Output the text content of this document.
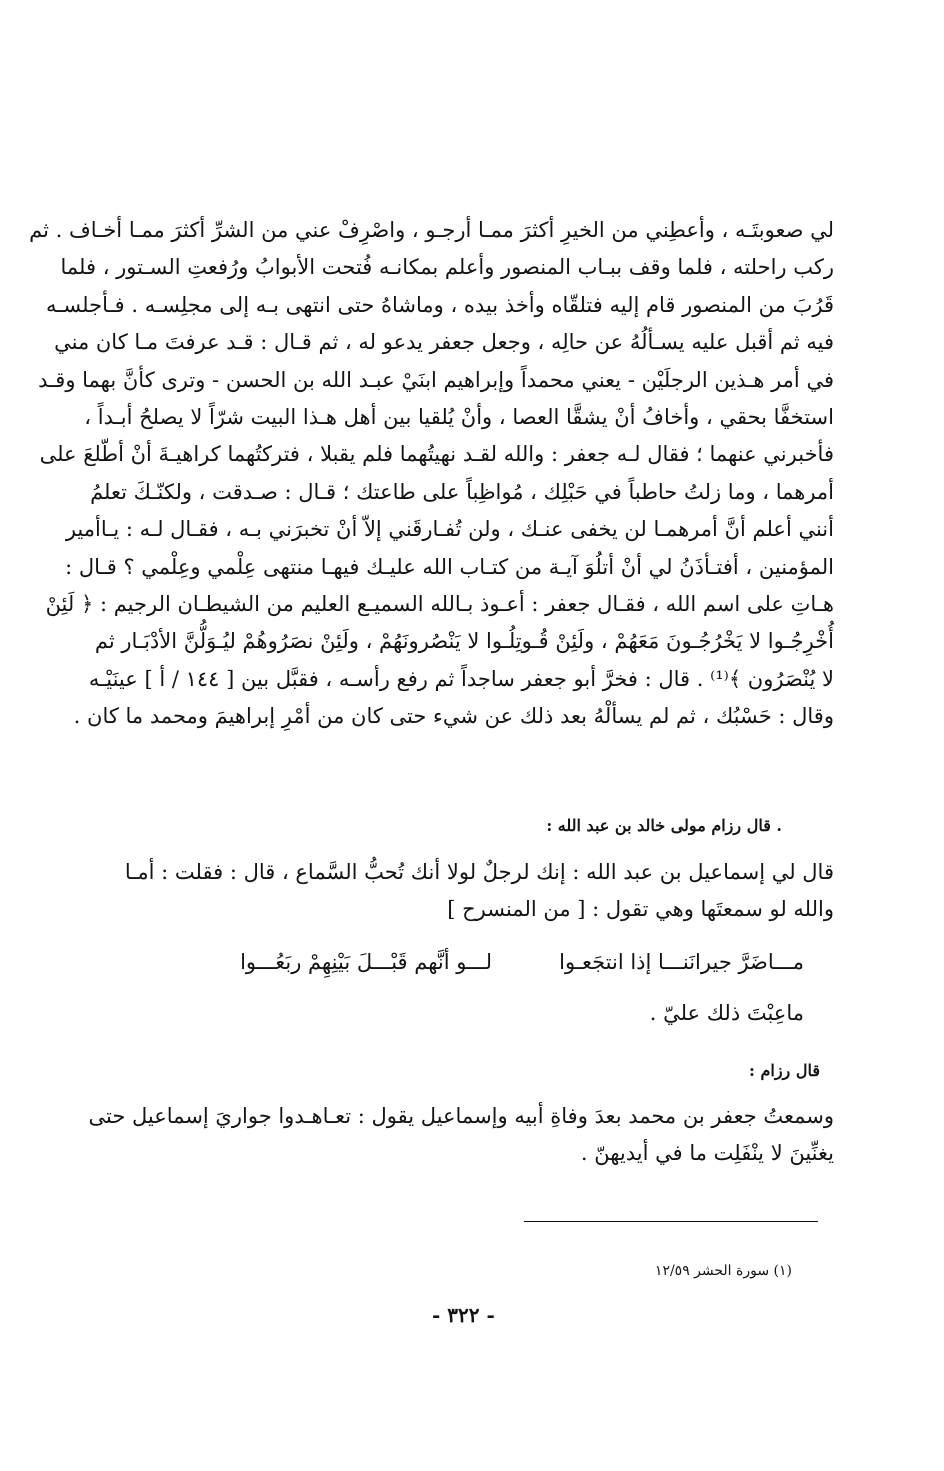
لي صعوبتَـه ، وأعطِني من الخيرِ أكثرَ ممـا أرجـو ، واصْرِفْ عني من الشرِّ أكثرَ ممـا أخـاف . ثم
ركب راحلته ، فلما وقف ببـاب المنصور وأعلم بمكانـه فُتحت الأبوابُ ورُفعتِ السـتور ، فلما
قَرُبَ من المنصور قام إليه فتلقّاه وأخذ بيده ، وماشاهُ حتى انتهى بـه إلى مجلِسـه . فـأجلسـه
فيه ثم أقبل عليه يسـألُهُ عن حالِه ، وجعل جعفر يدعو له ، ثم قـال : قـد عرفتَ مـا كان مني
في أمر هـذين الرجلَيْن - يعني محمداً وإبراهيم ابنَيْ عبـد الله بن الحسن - وترى كأنَّ بهما وقـد
استخفَّا بحقي ، وأخافُ أنْ يشقَّا العصا ، وأنْ يُلقيا بين أهل هـذا البيت شرّاً لا يصلحُ أبـداً ،
فأخبرني عنهما ؛ فقال لـه جعفر : والله لقـد نهيتُهما فلم يقبلا ، فتركتُهما كراهيـةَ أنْ أطّلعَ على
أمرهما ، وما زلتُ حاطباً في حَبْلِك ، مُواظِباً على طاعتك ؛ قـال : صـدقت ، ولكنّـكَ تعلمُ
أنني أعلم أنَّ أمرهمـا لن يخفى عنـك ، ولن تُفـارقَني إلاّ أنْ تخبرَني بـه ، فقـال لـه : يـاأمير
المؤمنين ، أفتـأذَنُ لي أنْ أتلُوَ آيـة من كتـاب الله عليـك فيهـا منتهى عِلْمي وعِلْمي ؟ قـال :
هـاتِ على اسم الله ، فقـال جعفر : أعـوذ بـالله السميـع العليم من الشيطـان الرجيم : ﴿ لَئِنْ
أُخْرِجُـوا لا يَخْرُجُـونَ مَعَهُمْ ، ولَئِنْ قُـوتِلُـوا لا يَنْصُرونَهُمْ ، ولَئِنْ نصَرُوهُمْ ليُـوَلُّنَّ الأدْبَـار ثم
لا يُنْصَرُون ﴾⁽¹⁾ . قال : فخرَّ أبو جعفر ساجداً ثم رفع رأسـه ، فقبَّل بين [ ١٤٤ / أ ] عينَيْـه
وقال : حَسْبُك ، ثم لم يسألْهُ بعد ذلك عن شيء حتى كان من أمْرِ إبراهيمَ ومحمد ما كان .
. قال رزام مولى خالد بن عبد الله :
قال لي إسماعيل بن عبد الله : إنك لرجلٌ لولا أنك تُحبُّ السَّماع ، قال : فقلت : أمـا
والله لو سمعتَها وهي تقول : [ من المنسرح ]
مـــاضَرَّ جيرانَنـــا إذا انتجَعـوا
لـــو أنَّهم قَبْـــلَ بَيْنِهِمْ ربَعُـــوا
ماعِبْتَ ذلك عليّ .
قال رزام :
وسمعتُ جعفر بن محمد بعدَ وفاةِ أبيه وإسماعيل يقول : تعـاهـدوا جواريَ إسماعيل حتى
يغنِّينَ لا ينْفَلِت ما في أيديهنّ .
(١) سورة الحشر ١٢/٥٩
- ٣٢٢ -
